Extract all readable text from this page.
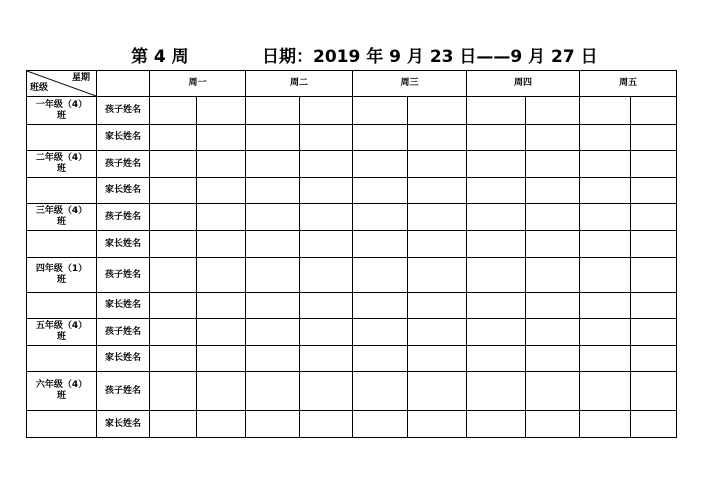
第 4 周	日期：2019 年 9 月 23 日——9 月 27 日
星期
班级		周一		周二		周三		周四		周五	

一年级（4）
班	孩子姓名										
	家长姓名										

二年级（4）
班	孩子姓名										
	家长姓名										

三年级（4）
班	孩子姓名										
	家长姓名										

四年级（1）
班	孩子姓名										
	家长姓名										

五年级（4）
班	孩子姓名										
	家长姓名										

六年级（4）
班	孩子姓名										
	家长姓名										
